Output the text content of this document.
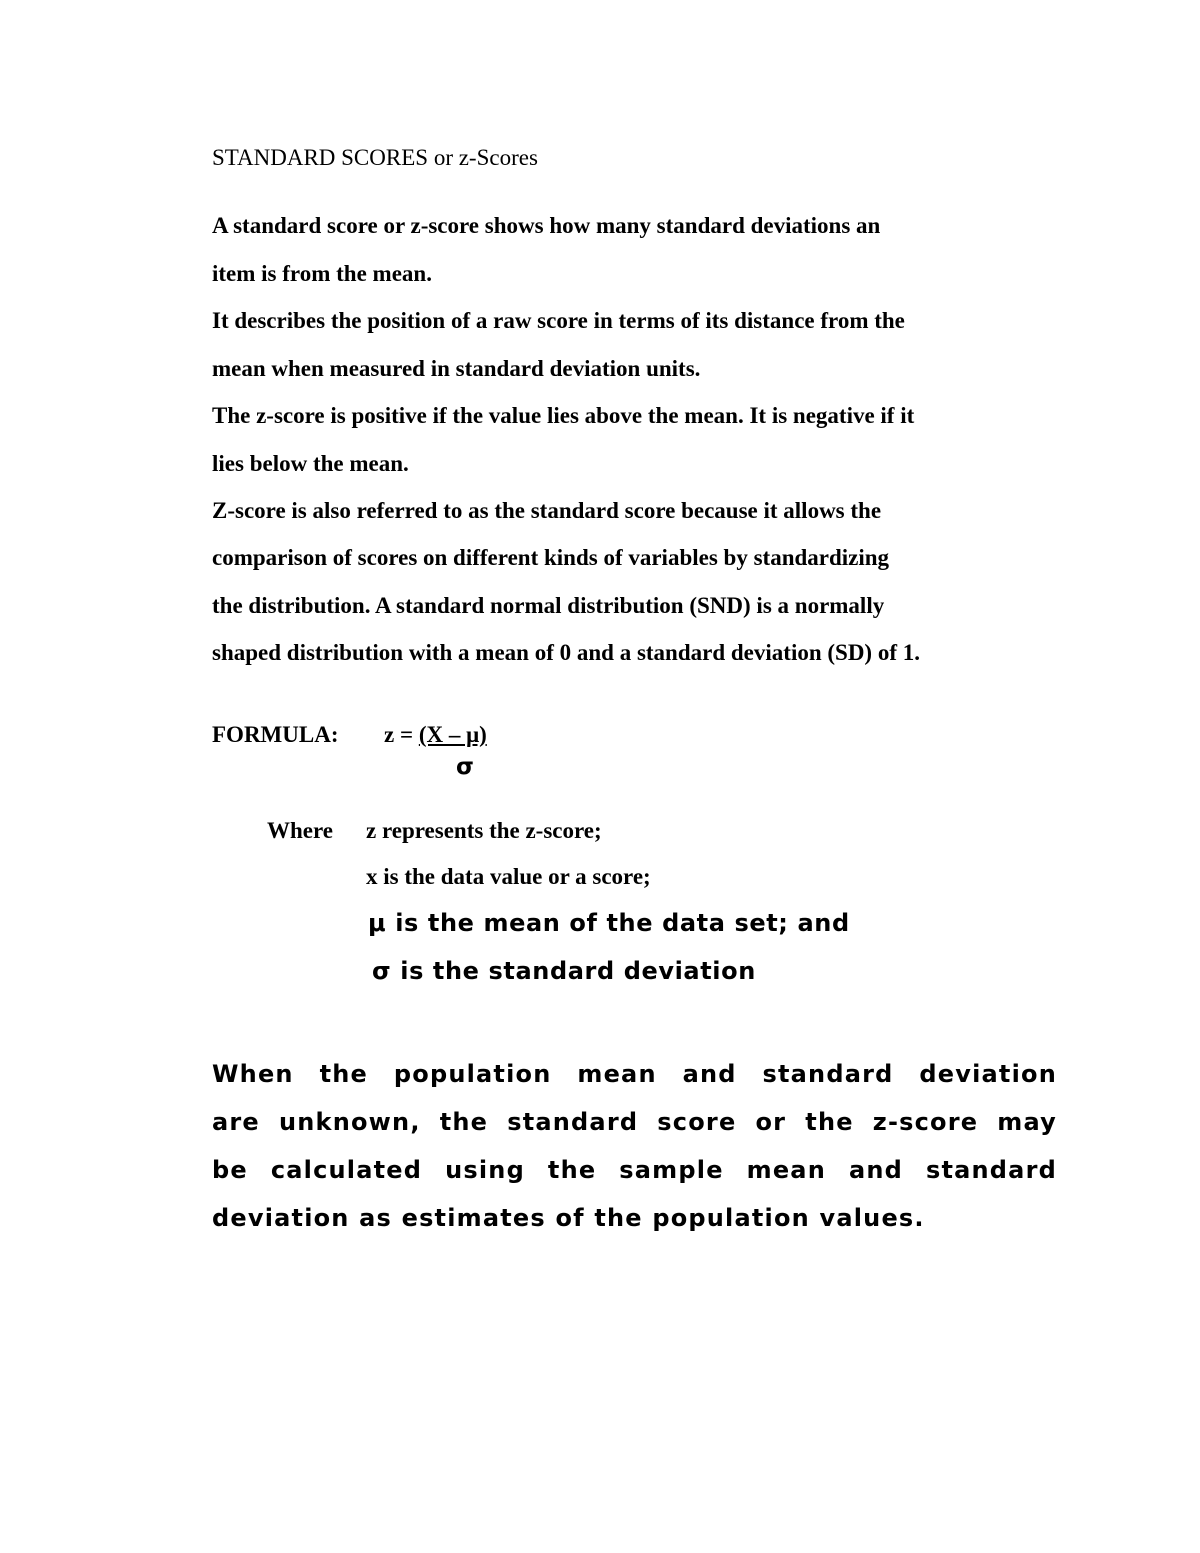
STANDARD SCORES or z-Scores
A standard score or z-score shows how many standard deviations an
item is from the mean.
It describes the position of a raw score in terms of its distance from the
mean when measured in standard deviation units.
The z-score is positive if the value lies above the mean. It is negative if it
lies below the mean.
Z-score is also referred to as the standard score because it allows the
comparison of scores on different kinds of variables by standardizing
the distribution. A standard normal distribution (SND) is a normally
shaped distribution with a mean of 0 and a standard deviation (SD) of 1.
FORMULA: z = (X – μ)
σ
Where z represents the z-score;
x is the data value or a score;
μ is the mean of the data set; and
σ is the standard deviation
When the population mean and standard deviation
are unknown, the standard score or the z-score may
be calculated using the sample mean and standard
deviation as estimates of the population values.
